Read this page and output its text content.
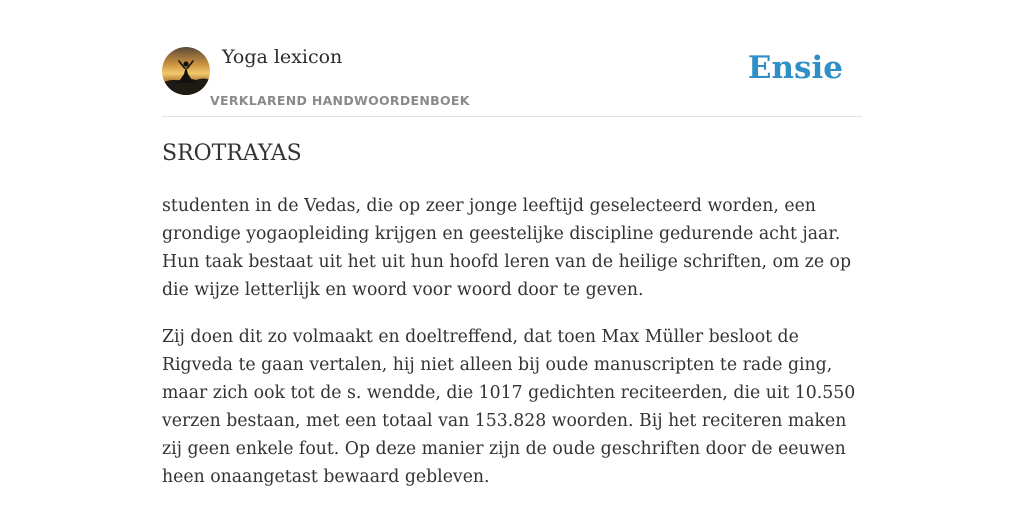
Yoga lexicon
VERKLAREND HANDWOORDENBOEK
Ensie
SROTRAYAS

studenten in de Vedas, die op zeer jonge leeftijd geselecteerd worden, een grondige yogaopleiding krijgen en geestelijke discipline gedurende acht jaar. Hun taak bestaat uit het uit hun hoofd leren van de heilige schriften, om ze op die wijze letterlijk en woord voor woord door te geven.

Zij doen dit zo volmaakt en doeltreffend, dat toen Max Müller besloot de Rigveda te gaan vertalen, hij niet alleen bij oude manuscripten te rade ging, maar zich ook tot de s. wendde, die 1017 gedichten reciteerden, die uit 10.550 verzen bestaan, met een totaal van 153.828 woorden. Bij het reciteren maken zij geen enkele fout. Op deze manier zijn de oude geschriften door de eeuwen heen onaangetast bewaard gebleven.
